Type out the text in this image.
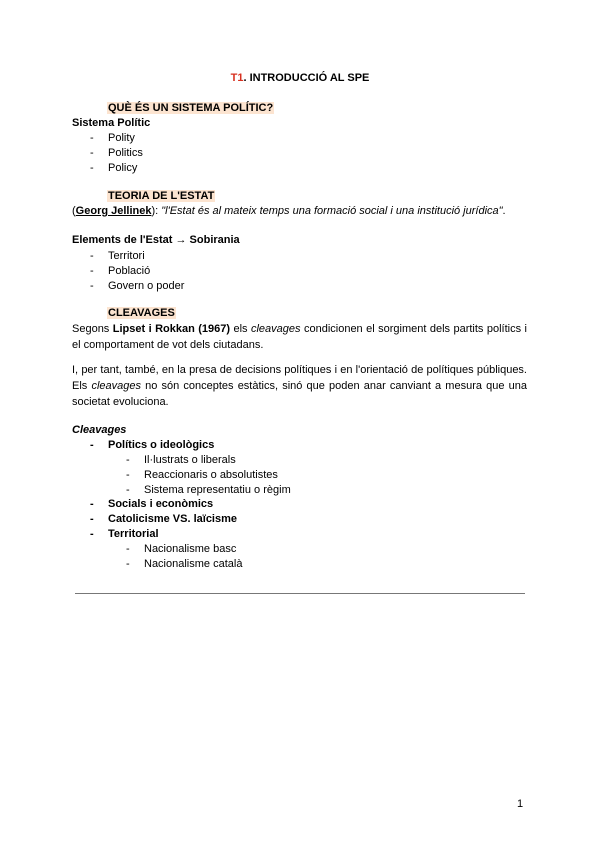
T1. INTRODUCCIÓ AL SPE
QUÈ ÉS UN SISTEMA POLÍTIC?
Sistema Polític
- Polity
- Politics
- Policy
TEORIA DE L'ESTAT
(Georg Jellinek): "l'Estat és al mateix temps una formació social i una institució jurídica".
Elements de l'Estat → Sobirania
- Territori
- Població
- Govern o poder
CLEAVAGES
Segons Lipset i Rokkan (1967) els cleavages condicionen el sorgiment dels partits polítics i el comportament de vot dels ciutadans.
I, per tant, també, en la presa de decisions polítiques i en l'orientació de polítiques públiques. Els cleavages no són conceptes estàtics, sinó que poden anar canviant a mesura que una societat evoluciona.
Cleavages
- Polítics o ideològics
- Il·lustrats o liberals
- Reaccionaris o absolutistes
- Sistema representatiu o règim
- Socials i econòmics
- Catolicisme VS. laïcisme
- Territorial
- Nacionalisme basc
- Nacionalisme català
1
